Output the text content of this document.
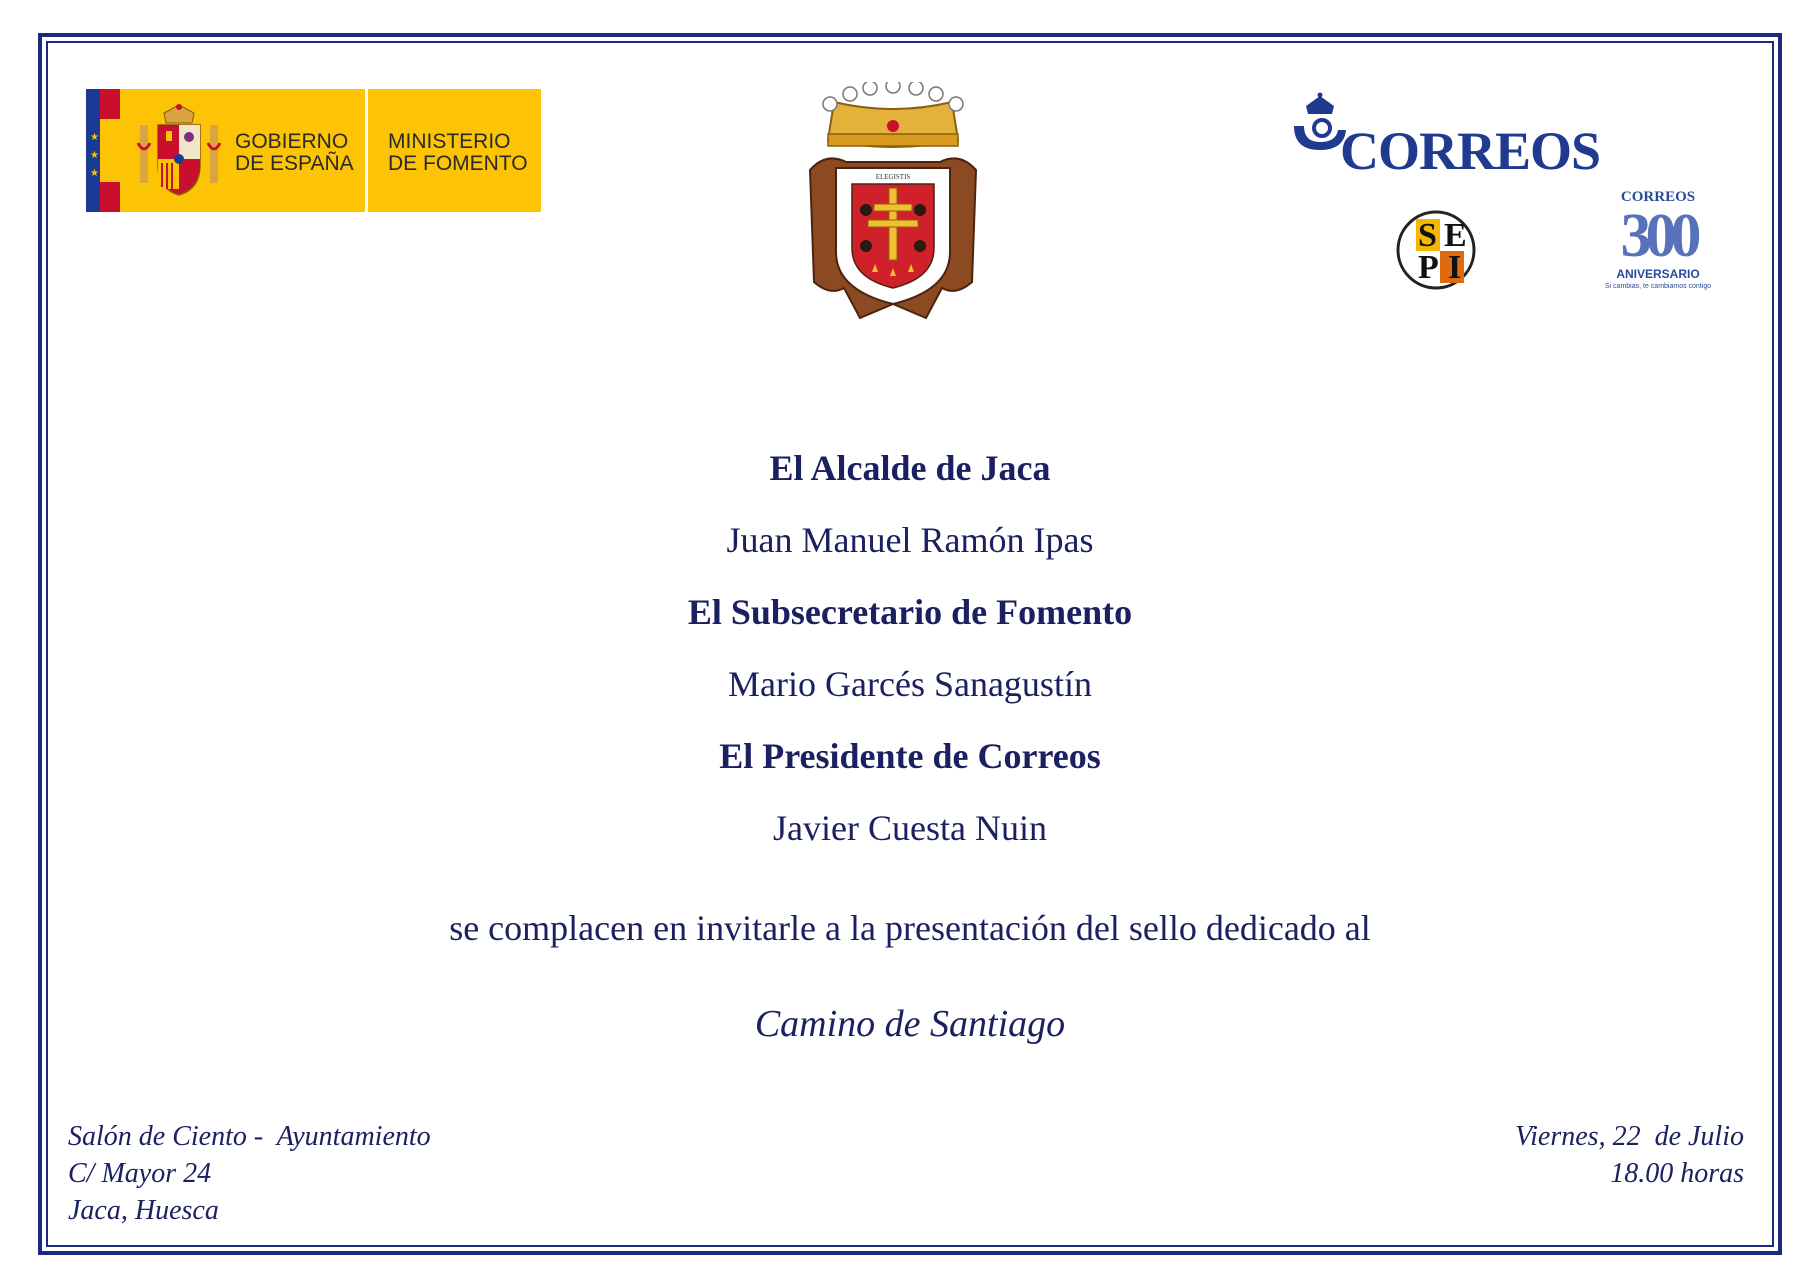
★
★
★
GOBIERNO
DE ESPAÑA
MINISTERIO
DE FOMENTO
ELEGISTIS	CORREOS
S E
P I
CORREOS
300
ANIVERSARIO
Si cambias, te cambiamos contigo
El Alcalde de Jaca
Juan Manuel Ramón Ipas
El Subsecretario de Fomento
Mario Garcés Sanagustín
El Presidente de Correos
Javier Cuesta Nuin
se complacen en invitarle a la presentación del sello dedicado al
Camino de Santiago
Salón de Ciento -  Ayuntamiento
C/ Mayor 24
Jaca, Huesca
Viernes, 22  de Julio
18.00 horas
